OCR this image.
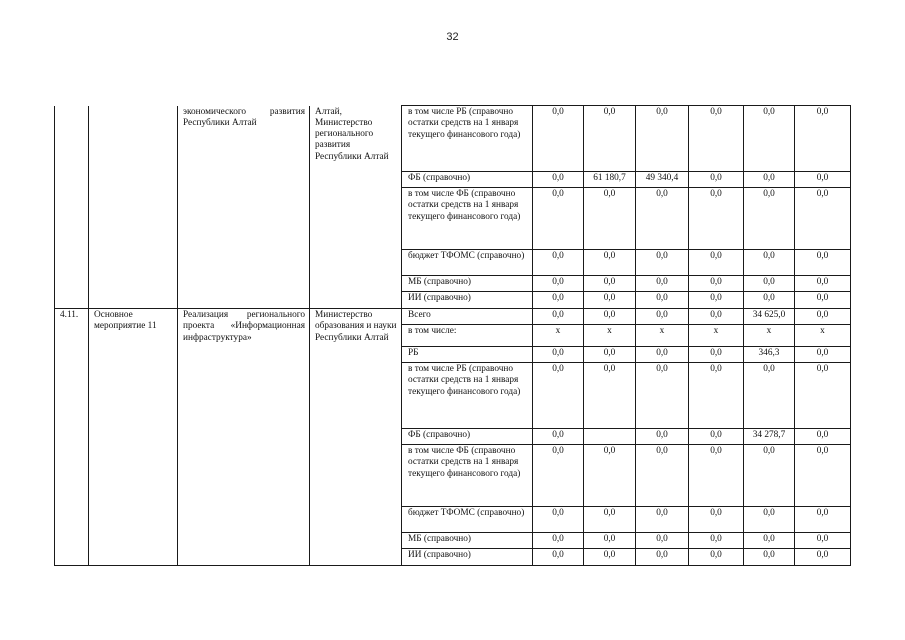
32
		экономического развития Республики Алтай	Алтай, Министерство регионального развития Республики Алтай	в том числе РБ (справочно остатки средств на 1 января текущего финансового года)	0,0	0,0	0,0	0,0	0,0	0,0
				ФБ (справочно)	0,0	61 180,7	49 340,4	0,0	0,0	0,0
				в том числе ФБ (справочно остатки средств на 1 января текущего финансового года)	0,0	0,0	0,0	0,0	0,0	0,0
				бюджет ТФОМС (справочно)	0,0	0,0	0,0	0,0	0,0	0,0
				МБ (справочно)	0,0	0,0	0,0	0,0	0,0	0,0
				ИИ (справочно)	0,0	0,0	0,0	0,0	0,0	0,0
4.11.	Основное мероприятие 11	Реализация регионального проекта «Информационная инфраструктура»	Министерство образования и науки Республики Алтай	Всего	0,0	0,0	0,0	0,0	34 625,0	0,0
				в том числе:	х	х	х	х	х	х
				РБ	0,0	0,0	0,0	0,0	346,3	0,0
				в том числе РБ (справочно остатки средств на 1 января текущего финансового года)	0,0	0,0	0,0	0,0	0,0	0,0
				ФБ (справочно)	0,0		0,0	0,0	34 278,7	0,0
				в том числе ФБ (справочно остатки средств на 1 января текущего финансового года)	0,0	0,0	0,0	0,0	0,0	0,0
				бюджет ТФОМС (справочно)	0,0	0,0	0,0	0,0	0,0	0,0
				МБ (справочно)	0,0	0,0	0,0	0,0	0,0	0,0
				ИИ (справочно)	0,0	0,0	0,0	0,0	0,0	0,0
